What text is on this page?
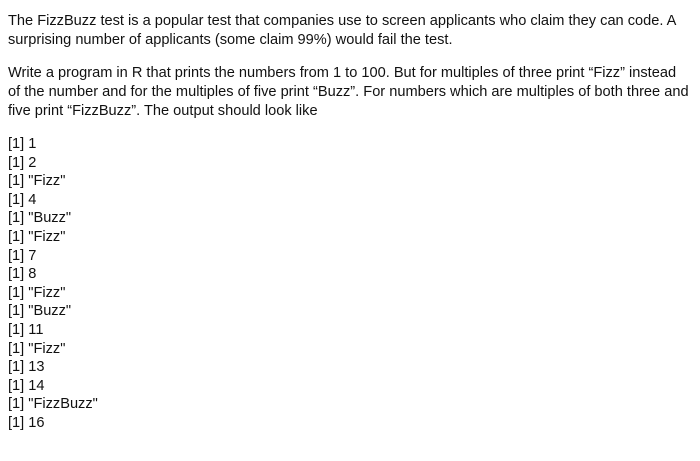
The FizzBuzz test is a popular test that companies use to screen applicants who claim they can code. A surprising number of applicants (some claim 99%) would fail the test.

Write a program in R that prints the numbers from 1 to 100. But for multiples of three print “Fizz” instead of the number and for the multiples of five print “Buzz”. For numbers which are multiples of both three and five print “FizzBuzz”. The output should look like

[1] 1
[1] 2
[1] "Fizz"
[1] 4
[1] "Buzz"
[1] "Fizz"
[1] 7
[1] 8
[1] "Fizz"
[1] "Buzz"
[1] 11
[1] "Fizz"
[1] 13
[1] 14
[1] "FizzBuzz"
[1] 16
